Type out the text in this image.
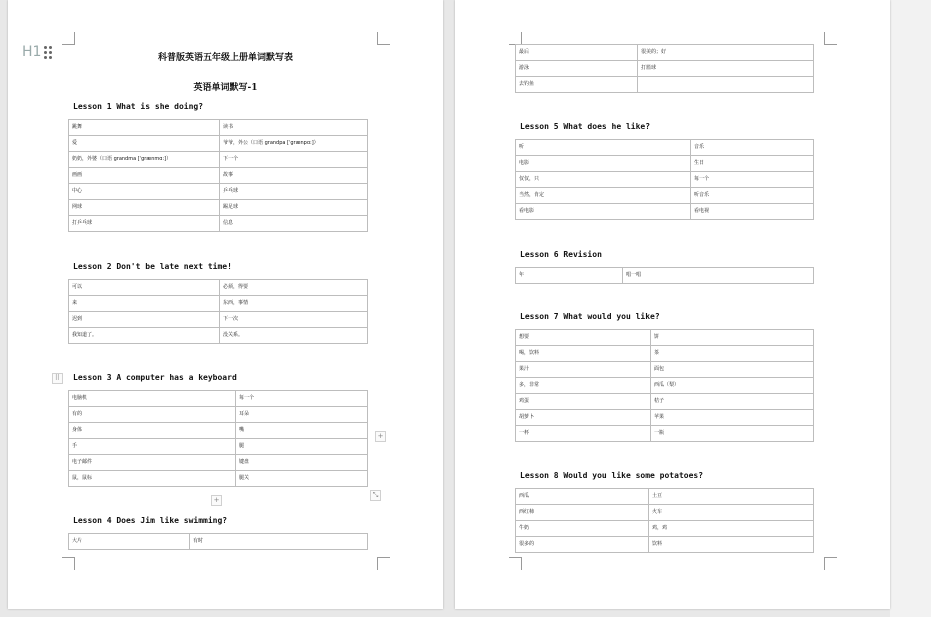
H1	科普版英语五年级上册单词默写表
英语单词默写-1
Lesson 1 What is she doing?
跳舞	读书
爱	爷爷，外公（口语 grandpa [ˈgrænpɑ:]）
奶奶，外婆（口语 grandma [ˈgrænmɑ:]）	下一个
画画	故事
中心	乒乓球
网球	踢足球
打乒乓球	信息
Lesson 2 Don't be late next time!
可以	必须，得要
来	东西，事情
迟到	下一次
我知道了。	没关系。
⠿	Lesson 3 A computer has a keyboard
电脑机	每一个
有的	耳朵
身体	嘴
手	腿
电子邮件	键盘
鼠，鼠标	腿关
+
+
⤡
Lesson 4 Does Jim like swimming?
大片	有时
最后	很美的；好
游泳	打篮球
去钓鱼	
Lesson 5 What does he like?
听	音乐
电影	生日
仅仅，只	每一个
当然，肯定	听音乐
看电影	看电视
Lesson 6 Revision
年	唱一唱
Lesson 7 What would you like?
想要	饼
喝，饮料	茶
果汁	面包
多，非常	西瓜（梨）
鸡蛋	桔子
胡萝卜	苹果
一杯	一瓶
Lesson 8 Would you like some potatoes?
西瓜	土豆
西红柿	火车
牛奶	鸡，鸡
很多的	饮料
